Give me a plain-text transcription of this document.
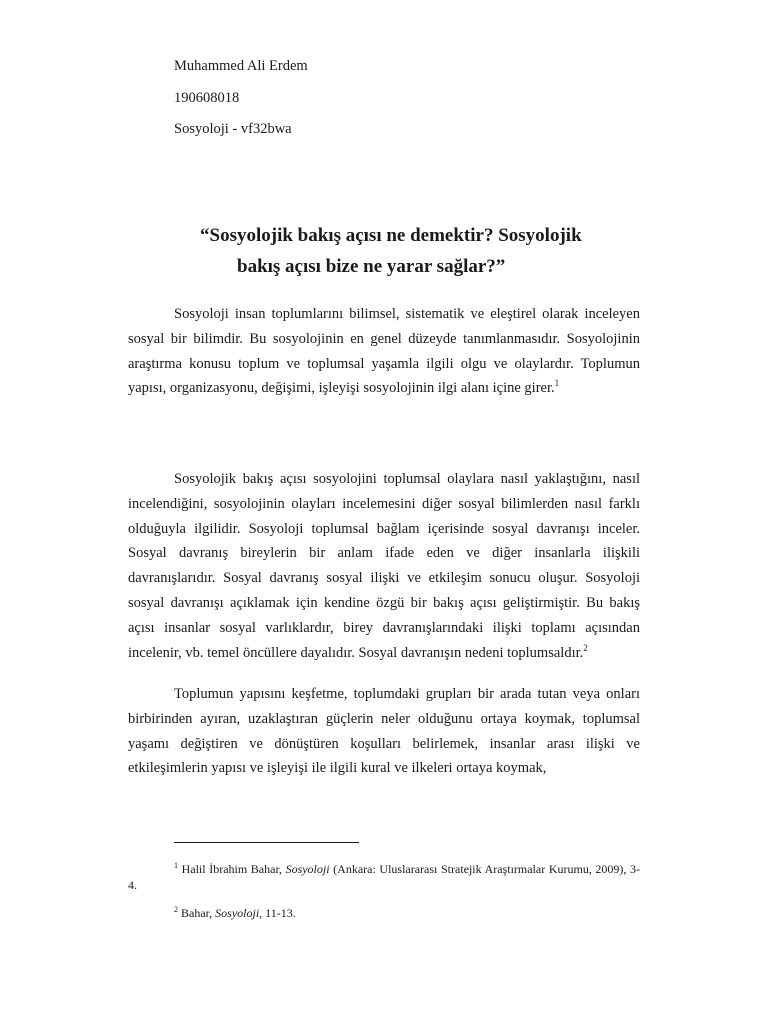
Muhammed Ali Erdem
190608018
Sosyoloji - vf32bwa
“Sosyolojik bakış açısı ne demektir? Sosyolojik
bakış açısı bize ne yarar sağlar?”

Sosyoloji insan toplumlarını bilimsel, sistematik ve eleştirel olarak inceleyen sosyal bir bilimdir. Bu sosyolojinin en genel düzeyde tanımlanmasıdır. Sosyolojinin araştırma konusu toplum ve toplumsal yaşamla ilgili olgu ve olaylardır. Toplumun yapısı, organizasyonu, değişimi, işleyişi sosyolojinin ilgi alanı içine girer.$^1$

Sosyolojik bakış açısı sosyolojini toplumsal olaylara nasıl yaklaştığını, nasıl incelendiğini, sosyolojinin olayları incelemesini diğer sosyal bilimlerden nasıl farklı olduğuyla ilgilidir. Sosyoloji toplumsal bağlam içerisinde sosyal davranışı inceler. Sosyal davranış bireylerin bir anlam ifade eden ve diğer insanlarla ilişkili davranışlarıdır. Sosyal davranış sosyal ilişki ve etkileşim sonucu oluşur. Sosyoloji sosyal davranışı açıklamak için kendine özgü bir bakış açısı geliştirmiştir. Bu bakış açısı insanlar sosyal varlıklardır, birey davranışlarındaki ilişki toplamı açısından incelenir, vb. temel öncüllere dayalıdır. Sosyal davranışın nedeni toplumsaldır.$^2$

Toplumun yapısını keşfetme, toplumdaki grupları bir arada tutan veya onları birbirinden ayıran, uzaklaştıran güçlerin neler olduğunu ortaya koymak, toplumsal yaşamı değiştiren ve dönüştüren koşulları belirlemek, insanlar arası ilişki ve etkileşimlerin yapısı ve işleyişi ile ilgili kural ve ilkeleri ortaya koymak,

$^1$ Halil İbrahim Bahar, Sosyoloji (Ankara: Uluslararası Stratejik Araştırmalar Kurumu, 2009), 3-4.

$^2$ Bahar, Sosyoloji, 11-13.
